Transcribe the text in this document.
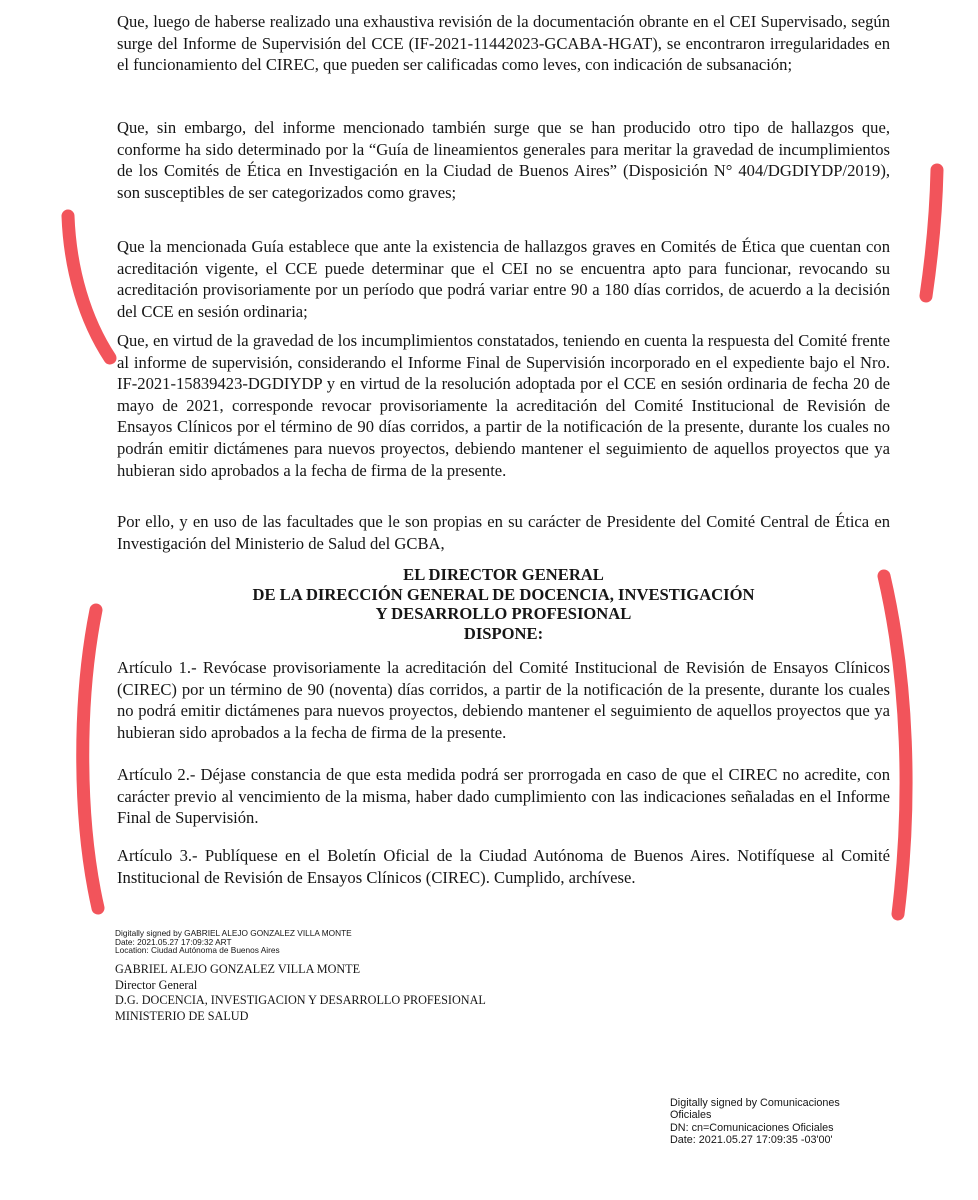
Que, luego de haberse realizado una exhaustiva revisión de la documentación obrante en el CEI Supervisado, según surge del Informe de Supervisión del CCE (IF-2021-11442023-GCABA-HGAT), se encontraron irregularidades en el funcionamiento del CIREC, que pueden ser calificadas como leves, con indicación de subsanación;

Que, sin embargo, del informe mencionado también surge que se han producido otro tipo de hallazgos que, conforme ha sido determinado por la “Guía de lineamientos generales para meritar la gravedad de incumplimientos de los Comités de Ética en Investigación en la Ciudad de Buenos Aires” (Disposición N° 404/DGDIYDP/2019), son susceptibles de ser categorizados como graves;

Que la mencionada Guía establece que ante la existencia de hallazgos graves en Comités de Ética que cuentan con acreditación vigente, el CCE puede determinar que el CEI no se encuentra apto para funcionar, revocando su acreditación provisoriamente por un período que podrá variar entre 90 a 180 días corridos, de acuerdo a la decisión del CCE en sesión ordinaria;

Que, en virtud de la gravedad de los incumplimientos constatados, teniendo en cuenta la respuesta del Comité frente al informe de supervisión, considerando el Informe Final de Supervisión incorporado en el expediente bajo el Nro. IF-2021-15839423-DGDIYDP y en virtud de la resolución adoptada por el CCE en sesión ordinaria de fecha 20 de mayo de 2021, corresponde revocar provisoriamente la acreditación del Comité Institucional de Revisión de Ensayos Clínicos por el término de 90 días corridos, a partir de la notificación de la presente, durante los cuales no podrán emitir dictámenes para nuevos proyectos, debiendo mantener el seguimiento de aquellos proyectos que ya hubieran sido aprobados a la fecha de firma de la presente.

Por ello, y en uso de las facultades que le son propias en su carácter de Presidente del Comité Central de Ética en Investigación del Ministerio de Salud del GCBA,

EL DIRECTOR GENERAL
DE LA DIRECCIÓN GENERAL DE DOCENCIA, INVESTIGACIÓN
Y DESARROLLO PROFESIONAL
DISPONE:

Artículo 1.- Revócase provisoriamente la acreditación del Comité Institucional de Revisión de Ensayos Clínicos (CIREC) por un término de 90 (noventa) días corridos, a partir de la notificación de la presente, durante los cuales no podrá emitir dictámenes para nuevos proyectos, debiendo mantener el seguimiento de aquellos proyectos que ya hubieran sido aprobados a la fecha de firma de la presente.

Artículo 2.- Déjase constancia de que esta medida podrá ser prorrogada en caso de que el CIREC no acredite, con carácter previo al vencimiento de la misma, haber dado cumplimiento con las indicaciones señaladas en el Informe Final de Supervisión.

Artículo 3.- Publíquese en el Boletín Oficial de la Ciudad Autónoma de Buenos Aires. Notifíquese al Comité Institucional de Revisión de Ensayos Clínicos (CIREC). Cumplido, archívese.

Digitally signed by GABRIEL ALEJO GONZALEZ VILLA MONTE
Date: 2021.05.27 17:09:32 ART
Location: Ciudad Autónoma de Buenos Aires
GABRIEL ALEJO GONZALEZ VILLA MONTE
Director General
D.G. DOCENCIA, INVESTIGACION Y DESARROLLO PROFESIONAL
MINISTERIO DE SALUD
Digitally signed by Comunicaciones
Oficiales
DN: cn=Comunicaciones Oficiales
Date: 2021.05.27 17:09:35 -03'00'
